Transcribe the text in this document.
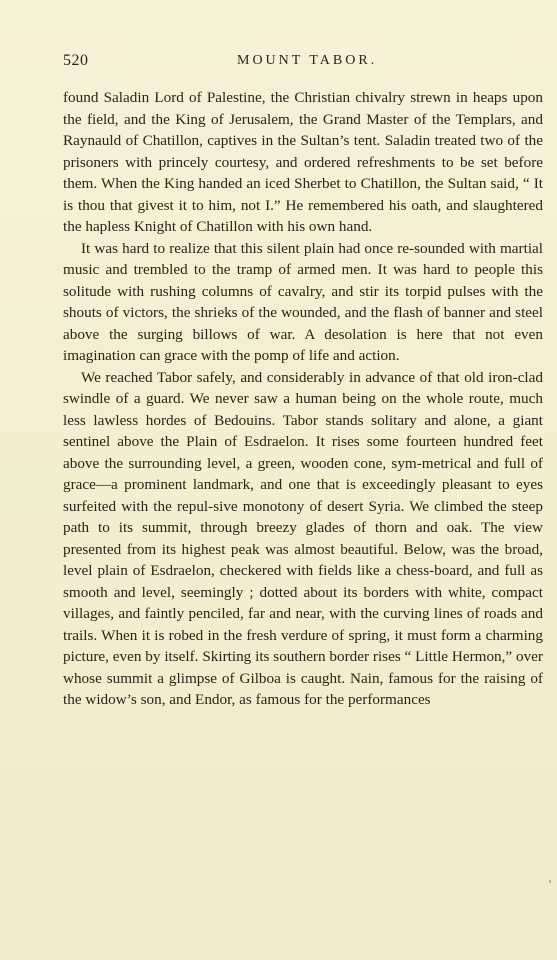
520	MOUNT TABOR.

found Saladin Lord of Palestine, the Christian chivalry strewn in heaps upon the field, and the King of Jerusalem, the Grand Master of the Templars, and Raynauld of Chatillon, captives in the Sultan’s tent. Saladin treated two of the prisoners with princely courtesy, and ordered refreshments to be set before them. When the King handed an iced Sherbet to Chatillon, the Sultan said, “ It is thou that givest it to him, not I.” He remembered his oath, and slaughtered the hapless Knight of Chatillon with his own hand.

It was hard to realize that this silent plain had once re-sounded with martial music and trembled to the tramp of armed men. It was hard to people this solitude with rushing columns of cavalry, and stir its torpid pulses with the shouts of victors, the shrieks of the wounded, and the flash of banner and steel above the surging billows of war. A desolation is here that not even imagination can grace with the pomp of life and action.

We reached Tabor safely, and considerably in advance of that old iron-clad swindle of a guard. We never saw a human being on the whole route, much less lawless hordes of Bedouins. Tabor stands solitary and alone, a giant sentinel above the Plain of Esdraelon. It rises some fourteen hundred feet above the surrounding level, a green, wooden cone, sym-metrical and full of grace—a prominent landmark, and one that is exceedingly pleasant to eyes surfeited with the repul-sive monotony of desert Syria. We climbed the steep path to its summit, through breezy glades of thorn and oak. The view presented from its highest peak was almost beautiful. Below, was the broad, level plain of Esdraelon, checkered with fields like a chess-board, and full as smooth and level, seemingly ; dotted about its borders with white, compact villages, and faintly penciled, far and near, with the curving lines of roads and trails. When it is robed in the fresh verdure of spring, it must form a charming picture, even by itself. Skirting its southern border rises “ Little Hermon,” over whose summit a glimpse of Gilboa is caught. Nain, famous for the raising of the widow’s son, and Endor, as famous for the performances
